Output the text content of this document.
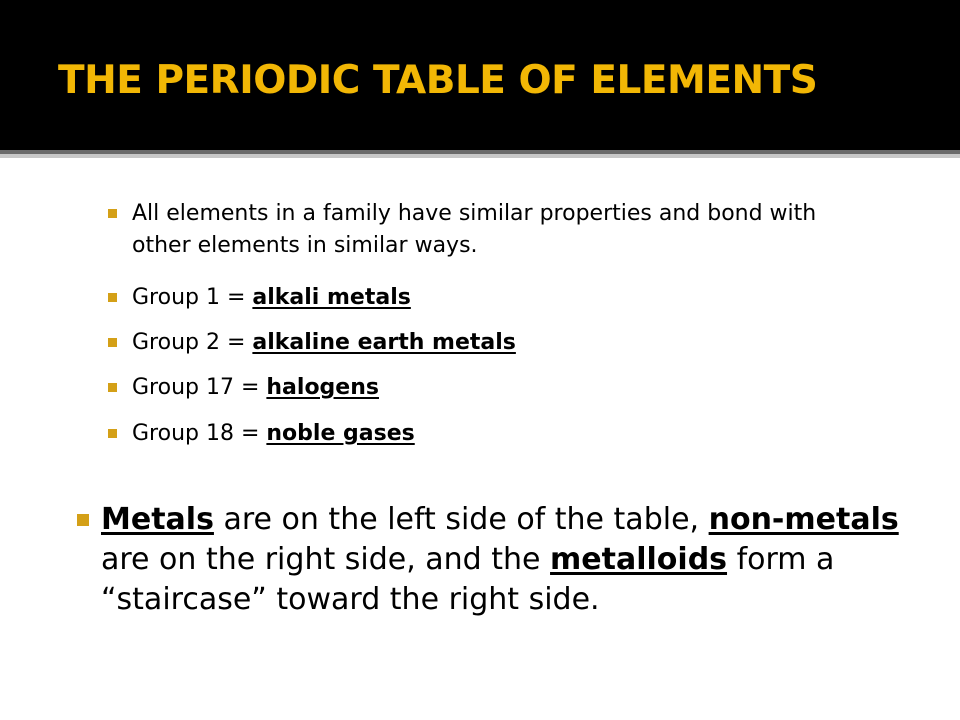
THE PERIODIC TABLE OF ELEMENTS
All elements in a family have similar properties and bond with other elements in similar ways.
Group 1 = alkali metals
Group 2 = alkaline earth metals
Group 17 = halogens
Group 18 = noble gases
Metals are on the left side of the table, non-metals are on the right side, and the metalloids form a “staircase” toward the right side.
